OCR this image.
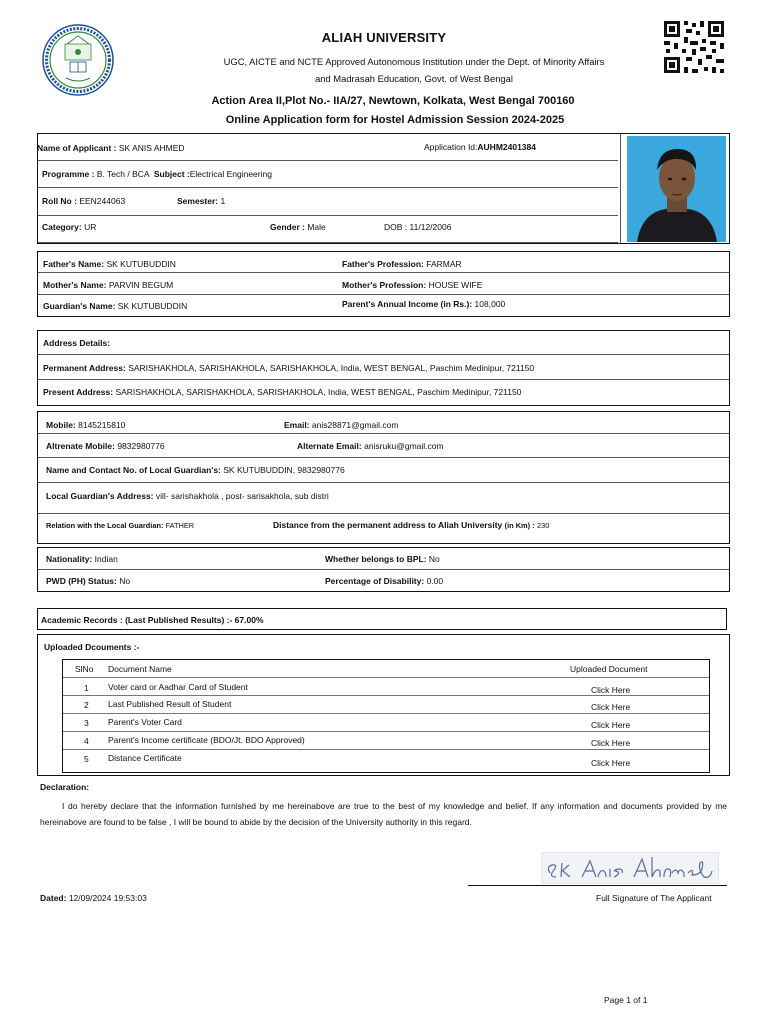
ALIAH UNIVERSITY
UGC, AICTE and NCTE Approved Autonomous Institution under the Dept. of Minority Affairs
and Madrasah Education, Govt. of West Bengal
Action Area II,Plot No.- IIA/27, Newtown, Kolkata, West Bengal 700160
Online Application form for Hostel Admission Session 2024-2025
Name of Applicant : SK ANIS AHMED	Application Id:AUHM2401384
Programme : B. Tech / BCA Subject :Electrical Engineering
Roll No : EEN244063	Semester: 1
Category: UR	Gender : Male	DOB : 11/12/2006
Father's Name: SK KUTUBUDDIN	Father's Profession: FARMAR
Mother's Name: PARVIN BEGUM	Mother's Profession: HOUSE WIFE
Guardian's Name: SK KUTUBUDDIN	Parent's Annual Income (in Rs.): 108,000
Address Details:
Permanent Address: SARISHAKHOLA, SARISHAKHOLA, SARISHAKHOLA, India, WEST BENGAL, Paschim Medinipur, 721150
Present Address: SARISHAKHOLA, SARISHAKHOLA, SARISHAKHOLA, India, WEST BENGAL, Paschim Medinipur, 721150
Mobile: 8145215810	Email: anis28871@gmail.com
Altrenate Mobile: 9832980776	Alternate Email: anisruku@gmail.com
Name and Contact No. of Local Guardian's: SK KUTUBUDDIN, 9832980776
Local Guardian's Address: vill- sarishakhola , post- sarisakhola, sub distri
Relation with the Local Guardian: FATHER	Distance from the permanent address to Aliah University (in Km) : 230
Nationality: Indian	Whether belongs to BPL: No
PWD (PH) Status: No	Percentage of Disability: 0.00
Academic Records : (Last Published Results) :- 67.00%
Uploaded Dcouments :-
SlNo Document Name	Uploaded Document
1 Voter card or Aadhar Card of Student	Click Here
2 Last Published Result of Student	Click Here
3 Parent's Voter Card	Click Here
4 Parent's Income certificate (BDO/Jt. BDO Approved)	Click Here
5 Distance Certificate	Click Here
Declaration:
I do hereby declare that the information furnished by me hereinabove are true to the best of my knowledge and belief. If any information and documents provided by me hereinabove are found to be false , I will be bound to abide by the decision of the University authority in this regard.
Full Signature of The Applicant
Dated: 12/09/2024 19:53:03
Page 1 of 1
